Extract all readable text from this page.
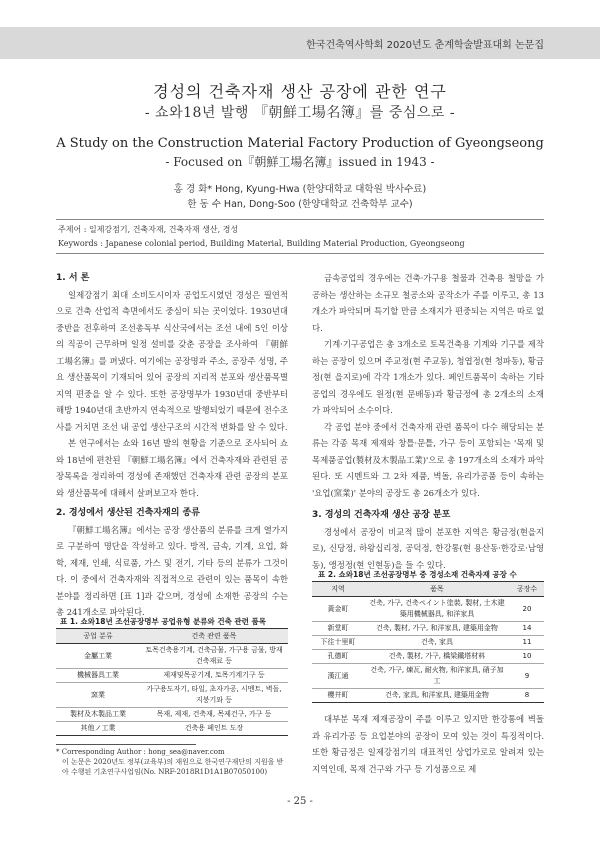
한국건축역사학회 2020년도 춘계학술발표대회 논문집
경성의 건축자재 생산 공장에 관한 연구
- 쇼와18년 발행 『朝鮮工場名簿』를 중심으로 -
A Study on the Construction Material Factory Production of Gyeongseong
- Focused on『朝鮮工場名簿』issued in 1943 -
홍 경 화* Hong, Kyung-Hwa (한양대학교 대학원 박사수료)
한 동 수 Han, Dong-Soo (한양대학교 건축학부 교수)
주제어 : 일제강점기, 건축자재, 건축자재 생산, 경성
Keywords : Japanese colonial period, Building Material, Building Material Production, Gyeongseong
1. 서 론

일제강점기 최대 소비도시이자 공업도시였던 경성은 필연적으로 건축 산업적 측면에서도 중심이 되는 곳이었다. 1930년대 중반을 전후하여 조선총독부 식산국에서는 조선 내에 5인 이상의 직공이 근무하며 일정 설비를 갖춘 공장을 조사하여 『朝鮮工場名簿』를 펴냈다. 여기에는 공장명과 주소, 공장주 성명, 주요 생산품목이 기재되어 있어 공장의 지리적 분포와 생산품목별 지역 편중을 알 수 있다. 또한 공장명부가 1930년대 중반부터 해방 1940년대 초반까지 연속적으로 발행되었기 때문에 전수조사를 거치면 조선 내 공업 생산구조의 시간적 변화를 알 수 있다.

본 연구에서는 쇼와 16년 발의 현황을 기준으로 조사되어 쇼와 18년에 편찬된 『朝鮮工場名簿』에서 건축자재와 관련된 공장목록을 정리하여 경성에 존재했던 건축자재 관련 공장의 분포와 생산품목에 대해서 살펴보고자 한다.

2. 경성에서 생산된 건축자재의 종류

『朝鮮工場名簿』에서는 공장 생산품의 분류를 크게 열가지로 구분하여 명단을 작성하고 있다. 방적, 금속, 기계, 요업, 화학, 제재, 인쇄, 식료품, 가스 및 전기, 기타 등의 분류가 그것이다. 이 중에서 건축자재와 직접적으로 관련이 있는 품목이 속한 분야를 정리하면 [표 1]과 같으며, 경성에 소재한 공장의 수는 총 241개소로 파악된다.

표 1. 쇼와18년 조선공장명부 공업유형 분류와 건축 관련 품목
공업 분류	건축 관련 품목
金屬工業	토목건축용기계, 건축금물, 가구용 금물, 방재건축재료 등
機械器具工業	제재및목공기계, 토목기계기구 등
窯業	가구용도자기, 타일, 초자가공, 시멘트, 벽돌, 지붕기와 등
製材及木製品工業	목재, 제재, 건축재, 목제건구, 가구 등
其他ノ工業	건축용 페인트 도장

금속공업의 경우에는 건축·가구용 철물과 건축용 철망을 가공하는 생산하는 소규모 철공소와 공작소가 주를 이루고, 총 13개소가 파악되며 특기할 만큼 소재지가 편중되는 지역은 따로 없다.

기계·기구공업은 총 3개소로 토목건축용 기계와 기구를 제작하는 공장이 있으며 주교정(현 주교동), 청엽정(현 청파동), 황금정(현 을지로)에 각각 1개소가 있다. 페인트품목이 속하는 기타공업의 경우에도 원정(현 문배동)과 황금정에 총 2개소의 소재가 파악되어 소수이다.

각 공업 분야 중에서 건축자재 관련 품목이 다수 해당되는 분류는 각종 목재 제재와 창틀·문틀, 가구 등이 포함되는 '목재 및 목제품공업(製材及木製品工業)'으로 총 197개소의 소재가 파악된다. 또 시멘트와 그 2차 제품, 벽돌, 유리가공품 등이 속하는 '요업(窯業)' 분야의 공장도 총 26개소가 있다.

3. 경성의 건축자재 생산 공장 분포

경성에서 공장이 비교적 많이 분포한 지역은 황금정(현을지로), 신당정, 하왕십리정, 공덕정, 한강통(현 용산동·한강로·남영동), 앵정정(현 인현동)을 들 수 있다.

표 2. 쇼와18년 조선공장명부 중 경성소재 건축자재 공장 수
지역	품목	공장수
黃金町	건축, 가구, 건축ペイント塗裝, 製材, 土木建築用機械器具, 和洋家具	20
新堂町	건축, 製材, 가구, 和洋家具, 建築用金物	14
下往十里町	건축, 家具	11
孔德町	건축, 製材, 가구, 橋梁鐵塔材料	10
漢江通	건축, 가구, 煉瓦, 耐火物, 和洋家具, 硝子加工	9
櫻井町	건축, 家具, 和洋家具, 建築用金物	8

대부분 목재 제재공장이 주를 이루고 있지만 한강통에 벽돌과 유리가공 등 요업분야의 공장이 모여 있는 것이 특징적이다. 또한 황금정은 일제강점기의 대표적인 상업가로로 알려져 있는 지역인데, 목재 건구와 가구 등 기성품으로 제

* Corresponding Author : hong_sea@naver.com
이 논문은 2020년도 정부(교육부)의 재원으로 한국연구재단의 지원을 받아 수행된 기초연구사업임(No. NRF-2018R1D1A1B07050100)
- 25 -
